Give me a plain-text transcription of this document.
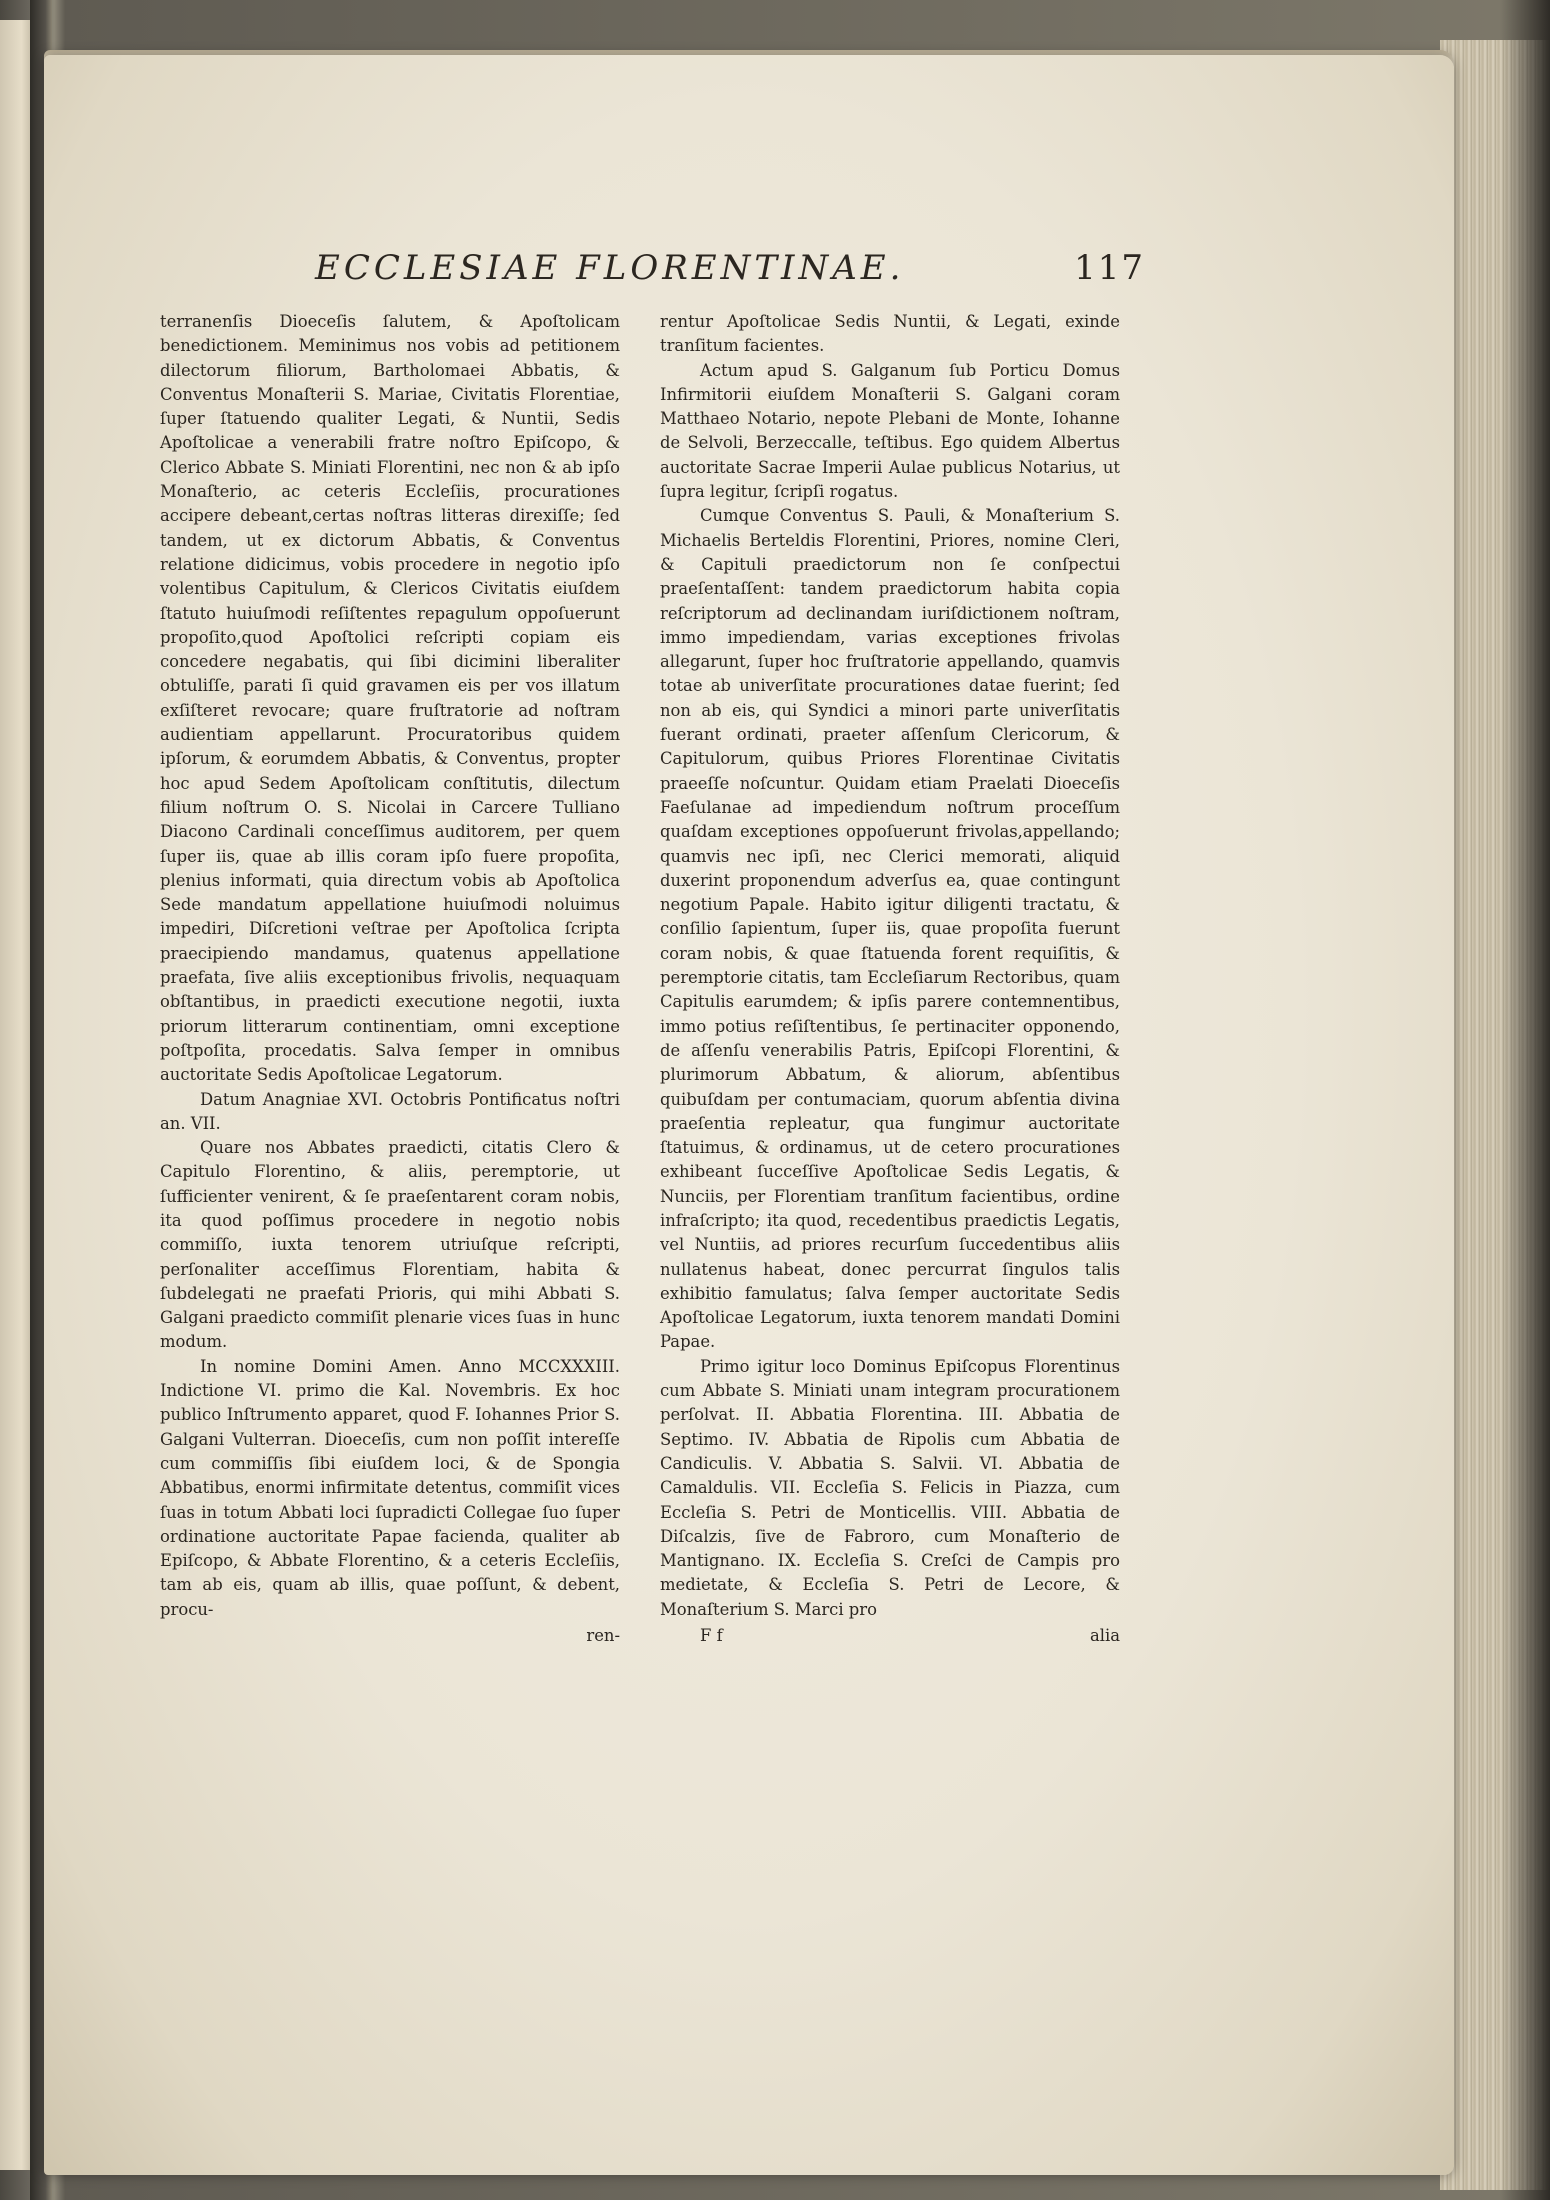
ECCLESIAE FLORENTINAE.	117

terranenſis Dioeceſis ſalutem, & Apoſtolicam benedictionem. Meminimus nos vobis ad petitionem dilectorum filiorum, Bartholomaei Abbatis, & Conventus Monaſterii S. Mariae, Civitatis Florentiae, ſuper ſtatuendo qualiter Legati, & Nuntii, Sedis Apoſtolicae a venerabili fratre noſtro Epiſcopo, & Clerico Abbate S. Miniati Florentini, nec non & ab ipſo Monaſterio, ac ceteris Eccleſiis, procurationes accipere debeant,certas noſtras litteras direxiſſe; ſed tandem, ut ex dictorum Abbatis, & Conventus relatione didicimus, vobis procedere in negotio ipſo volentibus Capitulum, & Clericos Civitatis eiuſdem ſtatuto huiuſmodi reſiſtentes repagulum oppoſuerunt propoſito,quod Apoſtolici reſcripti copiam eis concedere negabatis, qui ſibi dicimini liberaliter obtuliſſe, parati ſi quid gravamen eis per vos illatum exſiſteret revocare; quare fruſtratorie ad noſtram audientiam appellarunt. Procuratoribus quidem ipſorum, & eorumdem Abbatis, & Conventus, propter hoc apud Sedem Apoſtolicam conſtitutis, dilectum filium noſtrum O. S. Nicolai in Carcere Tulliano Diacono Cardinali conceſſimus auditorem, per quem ſuper iis, quae ab illis coram ipſo fuere propoſita, plenius informati, quia directum vobis ab Apoſtolica Sede mandatum appellatione huiuſmodi noluimus impediri, Diſcretioni veſtrae per Apoſtolica ſcripta praecipiendo mandamus, quatenus appellatione praefata, ſive aliis exceptionibus frivolis, nequaquam obſtantibus, in praedicti executione negotii, iuxta priorum litterarum continentiam, omni exceptione poſtpoſita, procedatis. Salva ſemper in omnibus auctoritate Sedis Apoſtolicae Legatorum.

Datum Anagniae XVI. Octobris Pontificatus noſtri an. VII.

Quare nos Abbates praedicti, citatis Clero & Capitulo Florentino, & aliis, peremptorie, ut ſufficienter venirent, & ſe praeſentarent coram nobis, ita quod poſſimus procedere in negotio nobis commiſſo, iuxta tenorem utriuſque reſcripti, perſonaliter acceſſimus Florentiam, habita & ſubdelegati ne praefati Prioris, qui mihi Abbati S. Galgani praedicto commiſit plenarie vices ſuas in hunc modum.

In nomine Domini Amen. Anno MCCXXXIII. Indictione VI. primo die Kal. Novembris. Ex hoc publico Inſtrumento apparet, quod F. Iohannes Prior S. Galgani Vulterran. Dioeceſis, cum non poſſit intereſſe cum commiſſis ſibi eiuſdem loci, & de Spongia Abbatibus, enormi infirmitate detentus, commiſit vices ſuas in totum Abbati loci ſupradicti Collegae ſuo ſuper ordinatione auctoritate Papae facienda, qualiter ab Epiſcopo, & Abbate Florentino, & a ceteris Eccleſiis, tam ab eis, quam ab illis, quae poſſunt, & debent, procu-

ren-

rentur Apoſtolicae Sedis Nuntii, & Legati, exinde tranſitum facientes.

Actum apud S. Galganum ſub Porticu Domus Infirmitorii eiuſdem Monaſterii S. Galgani coram Matthaeo Notario, nepote Plebani de Monte, Iohanne de Selvoli, Berzeccalle, teſtibus. Ego quidem Albertus auctoritate Sacrae Imperii Aulae publicus Notarius, ut ſupra legitur, ſcripſi rogatus.

Cumque Conventus S. Pauli, & Monaſterium S. Michaelis Berteldis Florentini, Priores, nomine Cleri, & Capituli praedictorum non ſe conſpectui praeſentaſſent: tandem praedictorum habita copia reſcriptorum ad declinandam iuriſdictionem noſtram, immo impediendam, varias exceptiones frivolas allegarunt, ſuper hoc fruſtratorie appellando, quamvis totae ab univerſitate procurationes datae fuerint; ſed non ab eis, qui Syndici a minori parte univerſitatis fuerant ordinati, praeter aſſenſum Clericorum, & Capitulorum, quibus Priores Florentinae Civitatis praeeſſe noſcuntur. Quidam etiam Praelati Dioeceſis Faeſulanae ad impediendum noſtrum proceſſum quaſdam exceptiones oppoſuerunt frivolas,appellando; quamvis nec ipſi, nec Clerici memorati, aliquid duxerint proponendum adverſus ea, quae contingunt negotium Papale. Habito igitur diligenti tractatu, & conſilio ſapientum, ſuper iis, quae propoſita fuerunt coram nobis, & quae ſtatuenda forent requiſitis, & peremptorie citatis, tam Eccleſiarum Rectoribus, quam Capitulis earumdem; & ipſis parere contemnentibus, immo potius reſiſtentibus, ſe pertinaciter opponendo, de aſſenſu venerabilis Patris, Epiſcopi Florentini, & plurimorum Abbatum, & aliorum, abſentibus quibuſdam per contumaciam, quorum abſentia divina praeſentia repleatur, qua fungimur auctoritate ſtatuimus, & ordinamus, ut de cetero procurationes exhibeant ſucceſſive Apoſtolicae Sedis Legatis, & Nunciis, per Florentiam tranſitum facientibus, ordine infraſcripto; ita quod, recedentibus praedictis Legatis, vel Nuntiis, ad priores recurſum ſuccedentibus aliis nullatenus habeat, donec percurrat ſingulos talis exhibitio famulatus; ſalva ſemper auctoritate Sedis Apoſtolicae Legatorum, iuxta tenorem mandati Domini Papae.

Primo igitur loco Dominus Epiſcopus Florentinus cum Abbate S. Miniati unam integram procurationem perſolvat. II. Abbatia Florentina. III. Abbatia de Septimo. IV. Abbatia de Ripolis cum Abbatia de Candiculis. V. Abbatia S. Salvii. VI. Abbatia de Camaldulis. VII. Eccleſia S. Felicis in Piazza, cum Eccleſia S. Petri de Monticellis. VIII. Abbatia de Diſcalzis, ſive de Fabroro, cum Monaſterio de Mantignano. IX. Eccleſia S. Creſci de Campis pro medietate, & Eccleſia S. Petri de Lecore, & Monaſterium S. Marci pro

F f	alia
